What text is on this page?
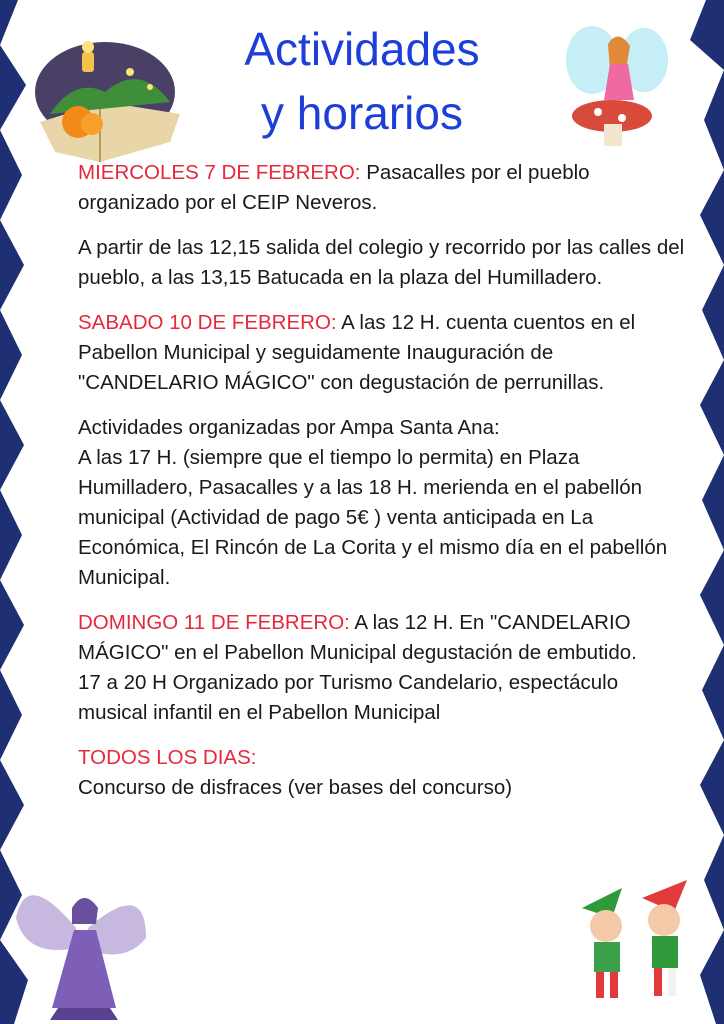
Actividades
y horarios

MIERCOLES 7 DE FEBRERO: Pasacalles por el pueblo organizado por el CEIP Neveros.

A partir de las 12,15 salida del colegio y recorrido por las calles del pueblo, a las 13,15 Batucada en la plaza del Humilladero.

SABADO 10 DE FEBRERO: A las 12 H. cuenta cuentos en el Pabellon Municipal y seguidamente Inauguración de "CANDELARIO MÁGICO" con degustación de perrunillas.

Actividades organizadas por Ampa Santa Ana:
A las 17 H. (siempre que el tiempo lo permita) en Plaza Humilladero, Pasacalles y a las 18 H. merienda en el pabellón municipal (Actividad de pago 5€ ) venta anticipada en La Económica, El Rincón de La Corita y el mismo día en el pabellón Municipal.

DOMINGO 11 DE FEBRERO: A las 12 H. En "CANDELARIO MÁGICO" en el Pabellon Municipal degustación de embutido.
17 a 20 H Organizado por Turismo Candelario, espectáculo musical infantil en el Pabellon Municipal

TODOS LOS DIAS:
Concurso de disfraces (ver bases del concurso)
